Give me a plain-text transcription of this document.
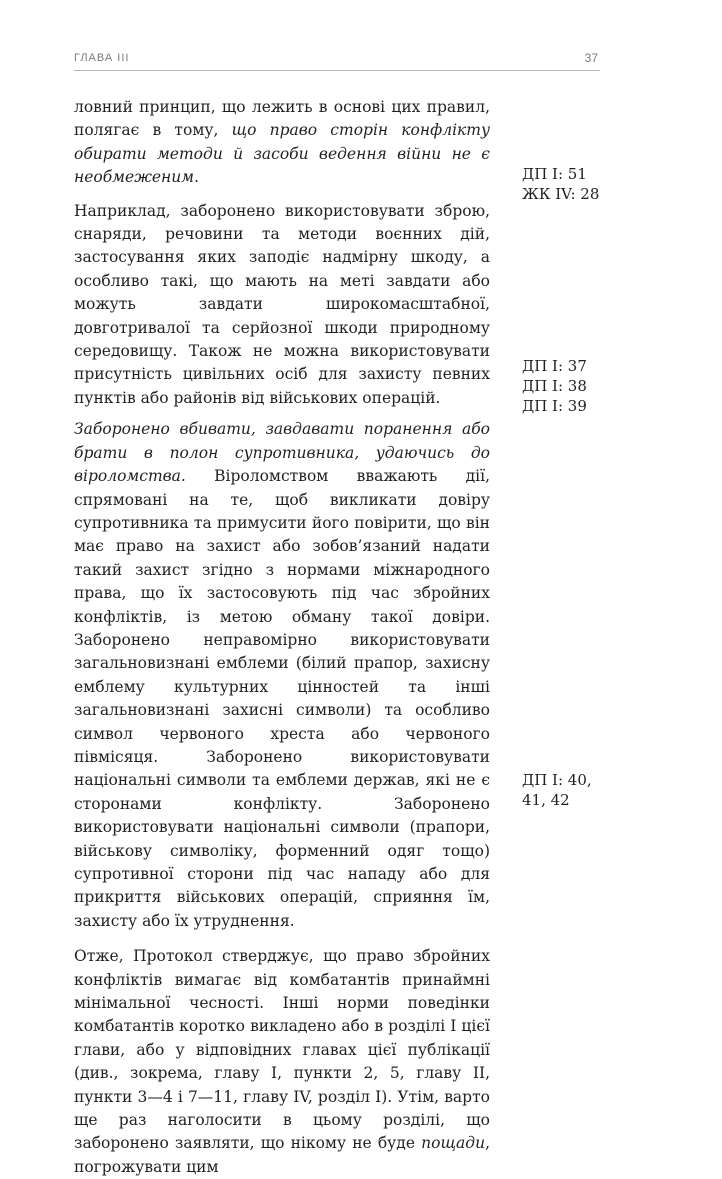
ГЛАВА III	37

ловний принцип, що лежить в основі цих правил, полягає в тому, що право сторін конфлікту обирати методи й засоби ведення війни не є необмеженим.

Наприклад, заборонено використовувати зброю, снаряди, речовини та методи воєнних дій, застосування яких заподіє надмірну шкоду, а особливо такі, що мають на меті завдати або можуть завдати широкомасштабної, довготривалої та серйозної шкоди природному середовищу. Також не можна використовувати присутність цивільних осіб для захисту певних пунктів або районів від військових операцій.

Заборонено вбивати, завдавати поранення або брати в полон супротивника, удаючись до віроломства. Віроломством вважають дії, спрямовані на те, щоб викликати довіру супротивника та примусити його повірити, що він має право на захист або зобов’язаний надати такий захист згідно з нормами міжнародного права, що їх застосовують під час збройних конфліктів, із метою обману такої довіри. Заборонено неправомірно використовувати загальновизнані емблеми (білий прапор, захисну емблему культурних цінностей та інші загальновизнані захисні символи) та особливо символ червоного хреста або червоного півмісяця. Заборонено використовувати національні символи та емблеми держав, які не є сторонами конфлікту. Заборонено використовувати національні символи (прапори, військову символіку, форменний одяг тощо) супротивної сторони під час нападу або для прикриття військових операцій, сприяння їм, захисту або їх утруднення.

Отже, Протокол стверджує, що право збройних конфліктів вимагає від комбатантів принаймні мінімальної чесності. Інші норми поведінки комбатантів коротко викладено або в розділі I цієї глави, або у відповідних главах цієї публікації (див., зокрема, главу I, пункти 2, 5, главу II, пункти 3—4 і 7—11, главу IV, розділ I). Утім, варто ще раз наголосити в цьому розділі, що заборонено заявляти, що нікому не буде пощади, погрожувати цим

ДП І: 51
ЖК IV: 28
ДП І: 37
ДП І: 38
ДП І: 39
ДП І: 40,
41, 42
